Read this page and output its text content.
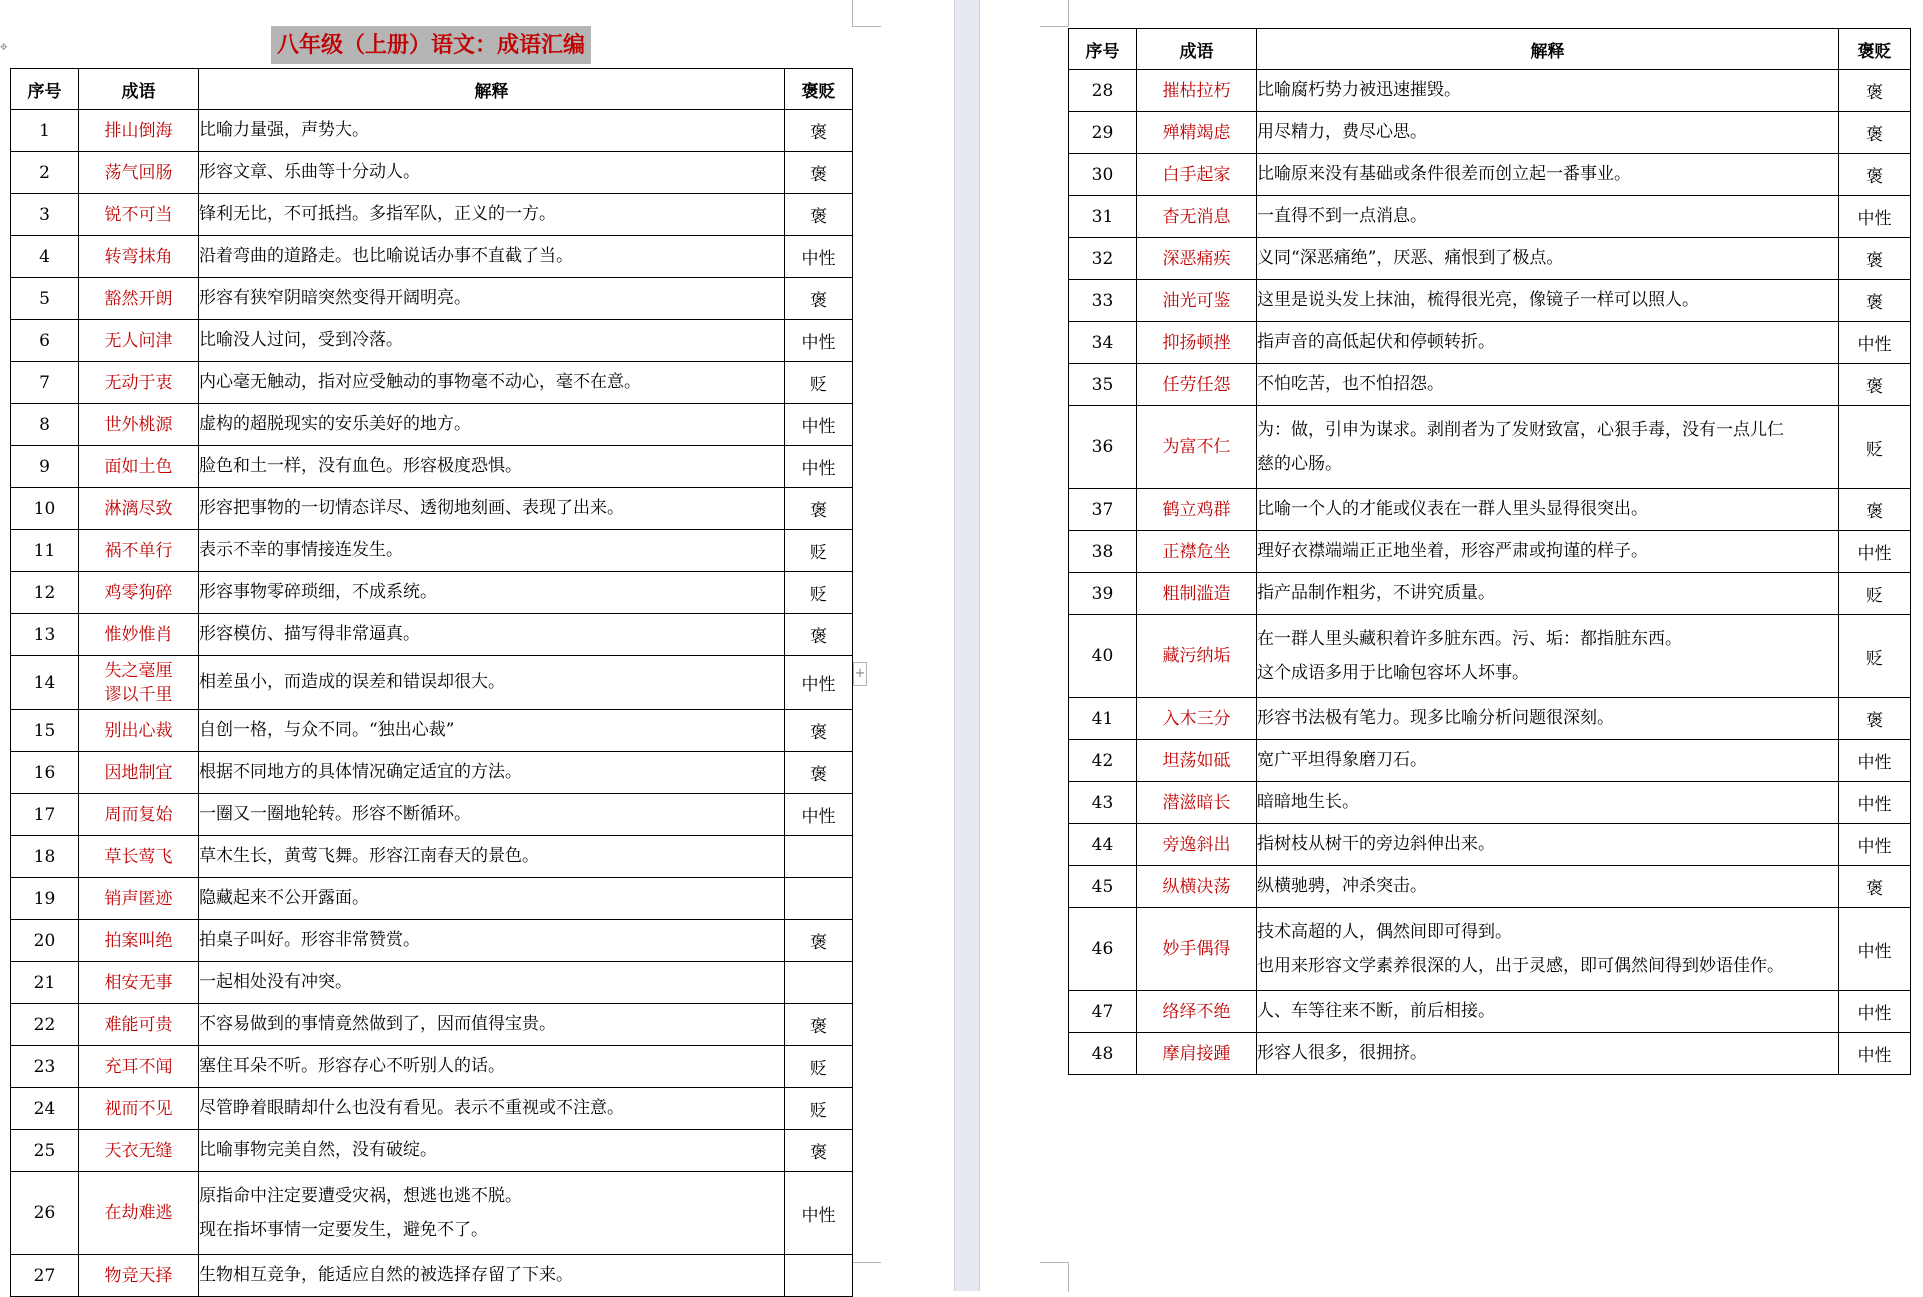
✥	八年级（上册）语文：成语汇编
序号	成语	解释	褒贬
1	排山倒海	比喻力量强，声势大。	褒
2	荡气回肠	形容文章、乐曲等十分动人。	褒
3	锐不可当	锋利无比，不可抵挡。多指军队，正义的一方。	褒
4	转弯抹角	沿着弯曲的道路走。也比喻说话办事不直截了当。	中性
5	豁然开朗	形容有狭窄阴暗突然变得开阔明亮。	褒
6	无人问津	比喻没人过问，受到冷落。	中性
7	无动于衷	内心毫无触动，指对应受触动的事物毫不动心，毫不在意。	贬
8	世外桃源	虚构的超脱现实的安乐美好的地方。	中性
9	面如土色	脸色和土一样，没有血色。形容极度恐惧。	中性
10	淋漓尽致	形容把事物的一切情态详尽、透彻地刻画、表现了出来。	褒
11	祸不单行	表示不幸的事情接连发生。	贬
12	鸡零狗碎	形容事物零碎琐细，不成系统。	贬
13	惟妙惟肖	形容模仿、描写得非常逼真。	褒
14	失之毫厘
谬以千里	相差虽小，而造成的误差和错误却很大。	中性
15	别出心裁	自创一格，与众不同。“独出心裁”	褒
16	因地制宜	根据不同地方的具体情况确定适宜的方法。	褒
17	周而复始	一圈又一圈地轮转。形容不断循环。	中性
18	草长莺飞	草木生长，黄莺飞舞。形容江南春天的景色。	
19	销声匿迹	隐藏起来不公开露面。	
20	拍案叫绝	拍桌子叫好。形容非常赞赏。	褒
21	相安无事	一起相处没有冲突。	
22	难能可贵	不容易做到的事情竟然做到了，因而值得宝贵。	褒
23	充耳不闻	塞住耳朵不听。形容存心不听别人的话。	贬
24	视而不见	尽管睁着眼睛却什么也没有看见。表示不重视或不注意。	贬
25	天衣无缝	比喻事物完美自然，没有破绽。	褒
26	在劫难逃	原指命中注定要遭受灾祸，想逃也逃不脱。
现在指坏事情一定要发生，避免不了。	中性
27	物竞天择	生物相互竞争，能适应自然的被选择存留了下来。	
+
序号	成语	解释	褒贬
28	摧枯拉朽	比喻腐朽势力被迅速摧毁。	褒
29	殚精竭虑	用尽精力，费尽心思。	褒
30	白手起家	比喻原来没有基础或条件很差而创立起一番事业。	褒
31	杳无消息	一直得不到一点消息。	中性
32	深恶痛疾	义同“深恶痛绝”，厌恶、痛恨到了极点。	褒
33	油光可鉴	这里是说头发上抹油，梳得很光亮，像镜子一样可以照人。	褒
34	抑扬顿挫	指声音的高低起伏和停顿转折。	中性
35	任劳任怨	不怕吃苦，也不怕招怨。	褒
36	为富不仁	为：做，引申为谋求。剥削者为了发财致富，心狠手毒，没有一点儿仁
慈的心肠。	贬
37	鹤立鸡群	比喻一个人的才能或仪表在一群人里头显得很突出。	褒
38	正襟危坐	理好衣襟端端正正地坐着，形容严肃或拘谨的样子。	中性
39	粗制滥造	指产品制作粗劣，不讲究质量。	贬
40	藏污纳垢	在一群人里头藏积着许多脏东西。污、垢：都指脏东西。
这个成语多用于比喻包容坏人坏事。	贬
41	入木三分	形容书法极有笔力。现多比喻分析问题很深刻。	褒
42	坦荡如砥	宽广平坦得象磨刀石。	中性
43	潜滋暗长	暗暗地生长。	中性
44	旁逸斜出	指树枝从树干的旁边斜伸出来。	中性
45	纵横决荡	纵横驰骋，冲杀突击。	褒
46	妙手偶得	技术高超的人，偶然间即可得到。
也用来形容文学素养很深的人，出于灵感，即可偶然间得到妙语佳作。	中性
47	络绎不绝	人、车等往来不断，前后相接。	中性
48	摩肩接踵	形容人很多，很拥挤。	中性
